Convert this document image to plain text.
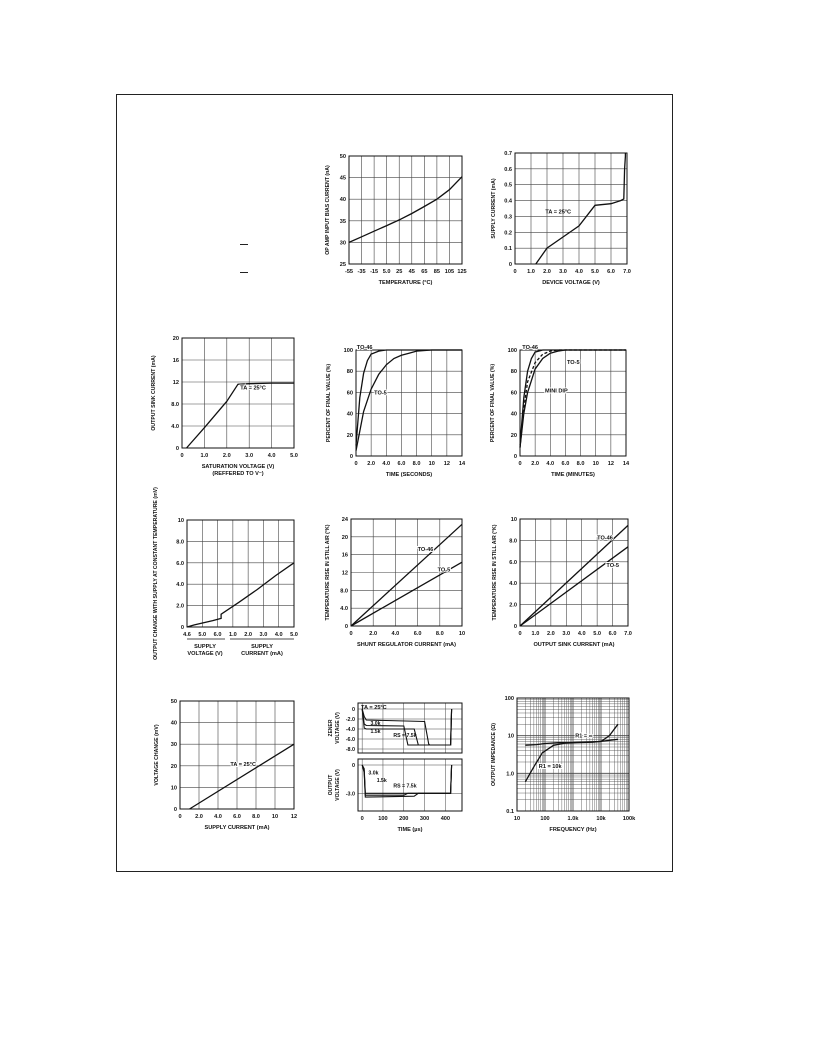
-55 -35 -15 5.0 25 45 65 85 105 125
25
30
35
40
45
50
TEMPERATURE (°C)
OP AMP INPUT BIAS CURRENT (nA)
0 1.0 2.0 3.0 4.0 5.0 6.0 7.0
0
0.1
0.2
0.3
0.4
0.5
0.6
0.7
DEVICE VOLTAGE (V)
SUPPLY CURRENT (mA)	TA = 25°C
0	1.0	2.0	3.0	4.0	5.0
0
4.0
8.0
12
16
20
SATURATION VOLTAGE (V)
(REFFERED TO V⁻)
OUTPUT SINK CURRENT (mA)	TA = 25°C
0 2.0 4.0 6.0 8.0 10 12 14
0
20
40
60
80
100
TIME (SECONDS)
PERCENT OF FINAL VALUE (%)
TO-46
TO-5
0 2.0 4.0 6.0 8.0 10 12 14
0
20
40
60
80
100
TIME (MINUTES)
PERCENT OF FINAL VALUE (%)
TO-46
TO-5
MINI DIP
4.6 5.0 6.0 1.0 2.0 3.0 4.0 5.0
0
2.0
4.0
6.0
8.0
10
OUTPUT CHANGE WITH SUPPLY AT CONSTANT TEMPERATURE (mV)	SUPPLY
VOLTAGE (V)
SUPPLY
CURRENT (mA)
0	2.0	4.0	6.0	8.0	10
0
4.0
8.0
12
16
20
24
SHUNT REGULATOR CURRENT (mA)
TEMPERATURE RISE IN STILL AIR (°K)	TO-46
TO-5
0 1.0 2.0 3.0 4.0 5.0 6.0 7.0
0
2.0
4.0
6.0
8.0
10
OUTPUT SINK CURRENT (mA)
TEMPERATURE RISE IN STILL AIR (°K)	TO-46
TO-5
0 2.0 4.0 6.0 8.0 10 12
0
10
20
30
40
50
SUPPLY CURRENT (mA)
VOLTAGE CHANGE (mV)	TA = 25°C
0
-2.0
-4.0
-6.0
-8.0
0
-3.0
TA = 25°C
3.0k
1.5k
RS = 7.5k
3.0k
1.5k
RS = 7.5k
0	100 200 300 400
TIME (µs)
ZENER VOLTAGE (V)
OUTPUT VOLTAGE (V)
10	100	1.0k	10k	100k
0.1
1.0
10
100
FREQUENCY (Hz)
OUTPUT IMPEDANCE (Ω)	R1 = ∞
R1 = 10k
